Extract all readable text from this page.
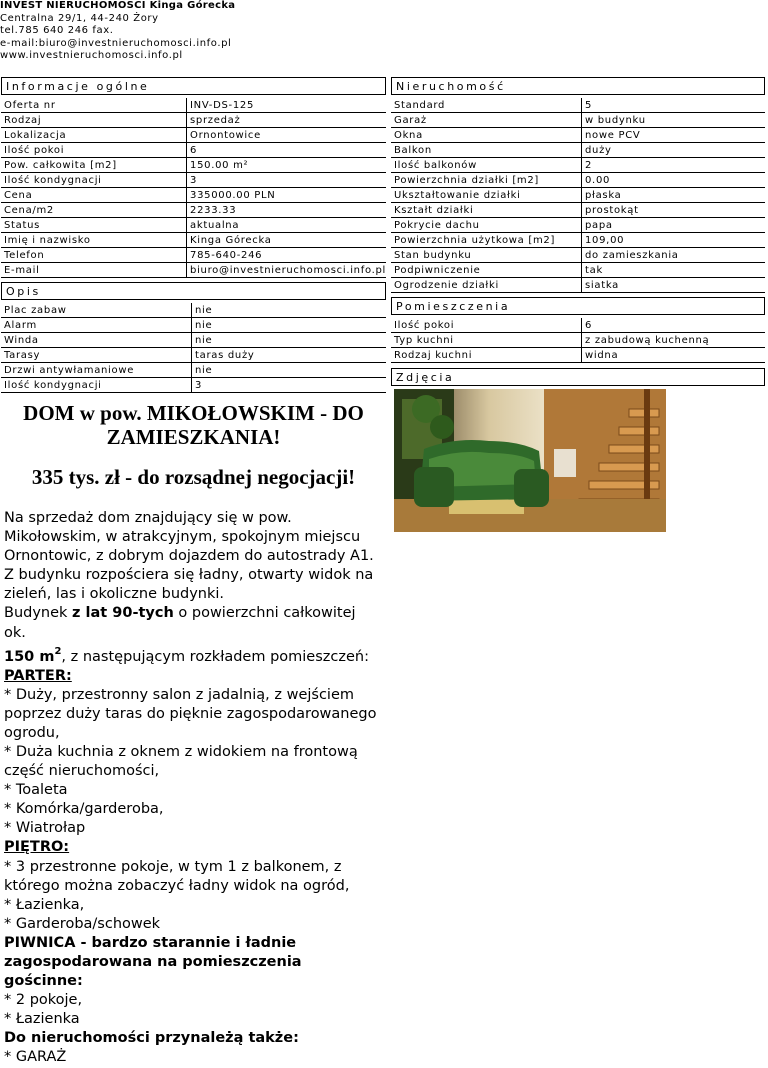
INVEST NIERUCHOMOŚCI Kinga Górecka
Centralna 29/1, 44-240 Żory
tel.785 640 246 fax.
e-mail:biuro@investnieruchomosci.info.pl
www.investnieruchomosci.info.pl
Informacje ogólne
Oferta nr	INV-DS-125
Rodzaj	sprzedaż
Lokalizacja	Ornontowice
Ilość pokoi	6
Pow. całkowita [m2]	150.00 m²
Ilość kondygnacji	3
Cena	335000.00 PLN
Cena/m2	2233.33
Status	aktualna
Imię i nazwisko	Kinga Górecka
Telefon	785-640-246
E-mail	biuro@investnieruchomosci.info.pl
Opis
Plac zabaw	nie
Alarm	nie
Winda	nie
Tarasy	taras duży
Drzwi antywłamaniowe	nie
Ilość kondygnacji	3

DOM w pow. MIKOŁOWSKIM - DO ZAMIESZKANIA!

335 tys. zł - do rozsądnej negocjacji!

Na sprzedaż dom znajdujący się w pow. Mikołowskim, w atrakcyjnym, spokojnym miejscu Ornontowic, z dobrym dojazdem do autostrady A1. Z budynku rozpościera się ładny, otwarty widok na zieleń, las i okoliczne budynki.
Budynek z lat 90-tych o powierzchni całkowitej ok.
150 $m^2$, z następującym rozkładem pomieszczeń:
PARTER:
* Duży, przestronny salon z jadalnią, z wejściem poprzez duży taras do pięknie zagospodarowanego ogrodu,
* Duża kuchnia z oknem z widokiem na frontową część nieruchomości,
* Toaleta
* Komórka/garderoba,
* Wiatrołap
PIĘTRO:
* 3 przestronne pokoje, w tym 1 z balkonem, z którego można zobaczyć ładny widok na ogród,
* Łazienka,
* Garderoba/schowek
PIWNICA - bardzo starannie i ładnie zagospodarowana na pomieszczenia gościnne:
* 2 pokoje,
* Łazienka
Do nieruchomości przynależą także:
* GARAŻ
Nieruchomość
Standard	5
Garaż	w budynku
Okna	nowe PCV
Balkon	duży
Ilość balkonów	2
Powierzchnia działki [m2]	0.00
Ukształtowanie działki	płaska
Kształt działki	prostokąt
Pokrycie dachu	papa
Powierzchnia użytkowa [m2]	109,00
Stan budynku	do zamieszkania
Podpiwniczenie	tak
Ogrodzenie działki	siatka
Pomieszczenia
Ilość pokoi	6
Typ kuchni	z zabudową kuchenną
Rodzaj kuchni	widna
Zdjęcia
